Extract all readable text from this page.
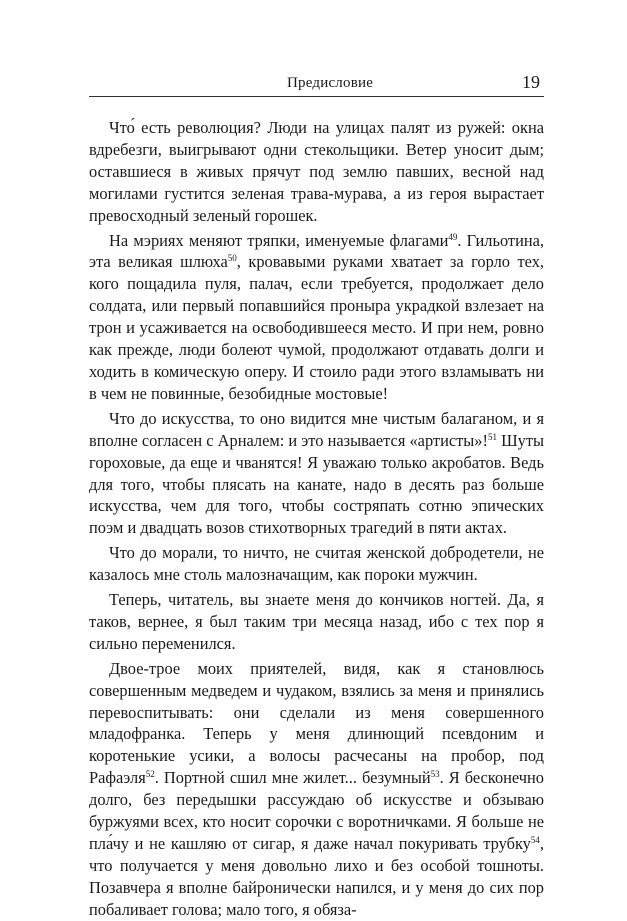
Предисловие	19

Что́ есть революция? Люди на улицах палят из ружей: окна вдребезги, выигрывают одни стекольщики. Ветер уносит дым; оставшиеся в живых прячут под землю павших, весной над могилами густится зеленая трава-мурава, а из героя вырастает превосходный зеленый горошек.

На мэриях меняют тряпки, именуемые флагами$^{49}$. Гильотина, эта великая шлюха$^{50}$, кровавыми руками хватает за горло тех, кого пощадила пуля, палач, если требуется, продолжает дело солдата, или первый попавшийся проныра украдкой взлезает на трон и усаживается на освободившееся место. И при нем, ровно как прежде, люди болеют чумой, продолжают отдавать долги и ходить в комическую оперу. И стоило ради этого взламывать ни в чем не повинные, безобидные мостовые!

Что до искусства, то оно видится мне чистым балаганом, и я вполне согласен с Арналем: и это называется «артисты»!$^{51}$ Шуты гороховые, да еще и чванятся! Я уважаю только акробатов. Ведь для того, чтобы плясать на канате, надо в десять раз больше искусства, чем для того, чтобы состряпать сотню эпических поэм и двадцать возов стихотворных трагедий в пяти актах.

Что до морали, то ничто, не считая женской добродетели, не казалось мне столь малозначащим, как пороки мужчин.

Теперь, читатель, вы знаете меня до кончиков ногтей. Да, я таков, вернее, я был таким три месяца назад, ибо с тех пор я сильно переменился.

Двое-трое моих приятелей, видя, как я становлюсь совершенным медведем и чудаком, взялись за меня и принялись перевоспитывать: они сделали из меня совершенного младофранка. Теперь у меня длинющий псевдоним и коротенькие усики, а волосы расчесаны на пробор, под Рафаэля$^{52}$. Портной сшил мне жилет... безумный$^{53}$. Я бесконечно долго, без передышки рассуждаю об искусстве и обзываю буржуями всех, кто носит сорочки с воротничками. Я больше не пла́чу и не кашляю от сигар, я даже начал покуривать трубку$^{54}$, что получается у меня довольно лихо и без особой тошноты. Позавчера я вполне байронически напился, и у меня до сих пор побаливает голова; мало того, я обяза-
